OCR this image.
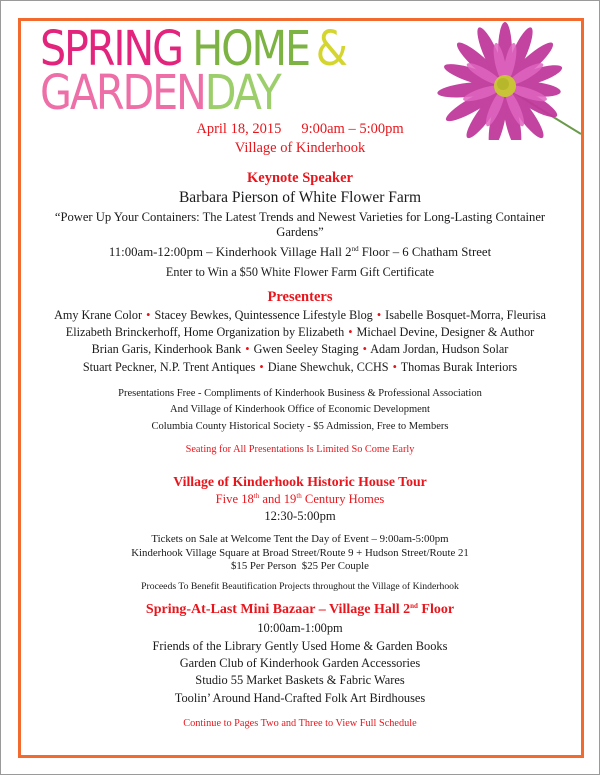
SPRING HOME &
GARDENDAY
April 18, 2015 9:00am – 5:00pm
Village of Kinderhook
Keynote Speaker
Barbara Pierson of White Flower Farm
“Power Up Your Containers: The Latest Trends and Newest Varieties for Long-Lasting Container Gardens”
11:00am-12:00pm – Kinderhook Village Hall 2nd Floor – 6 Chatham Street
Enter to Win a $50 White Flower Farm Gift Certificate
Presenters
Amy Krane Color • Stacey Bewkes, Quintessence Lifestyle Blog • Isabelle Bosquet-Morra, Fleurisa
Elizabeth Brinckerhoff, Home Organization by Elizabeth • Michael Devine, Designer & Author
Brian Garis, Kinderhook Bank • Gwen Seeley Staging • Adam Jordan, Hudson Solar
Stuart Peckner, N.P. Trent Antiques • Diane Shewchuk, CCHS • Thomas Burak Interiors
Presentations Free - Compliments of Kinderhook Business & Professional Association
And Village of Kinderhook Office of Economic Development
Columbia County Historical Society - $5 Admission, Free to Members
Seating for All Presentations Is Limited So Come Early
Village of Kinderhook Historic House Tour
Five 18th and 19th Century Homes
12:30-5:00pm
Tickets on Sale at Welcome Tent the Day of Event – 9:00am-5:00pm
Kinderhook Village Square at Broad Street/Route 9 + Hudson Street/Route 21
$15 Per Person  $25 Per Couple
Proceeds To Benefit Beautification Projects throughout the Village of Kinderhook
Spring-At-Last Mini Bazaar – Village Hall 2nd Floor
10:00am-1:00pm
Friends of the Library Gently Used Home & Garden Books
Garden Club of Kinderhook Garden Accessories
Studio 55 Market Baskets & Fabric Wares
Toolin’ Around Hand-Crafted Folk Art Birdhouses
Continue to Pages Two and Three to View Full Schedule
